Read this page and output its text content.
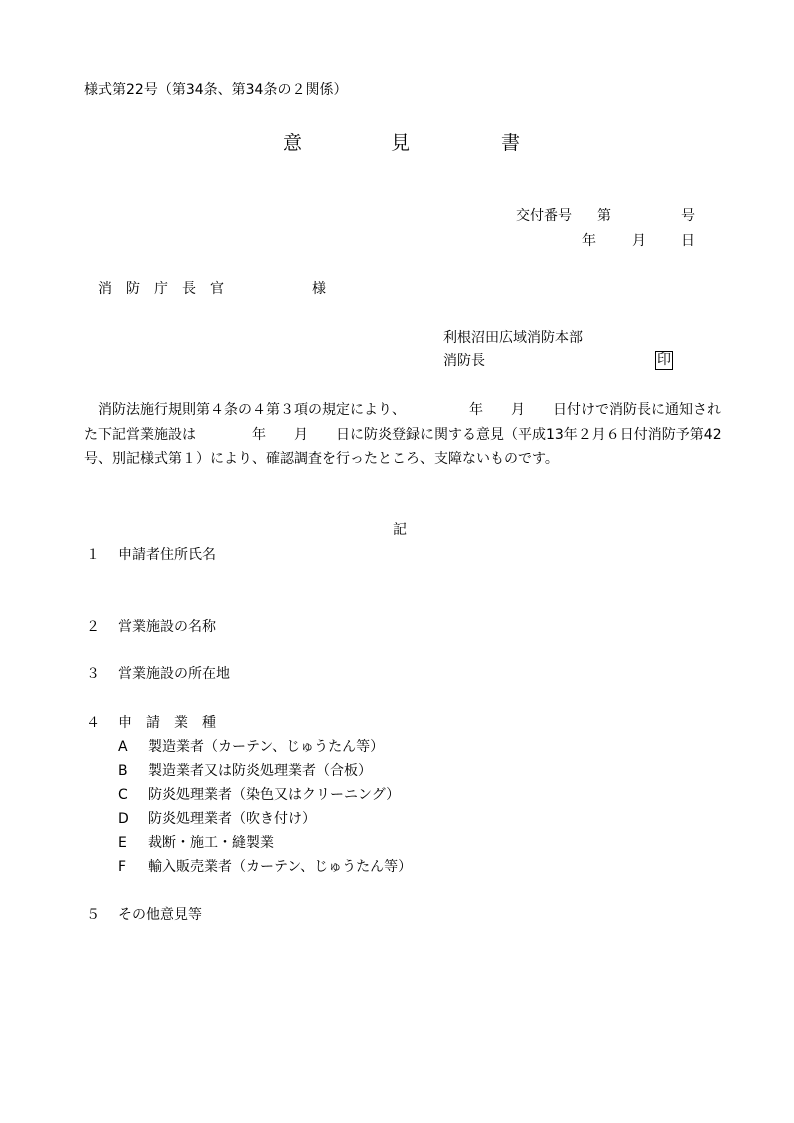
様式第22号（第34条、第34条の２関係）
意	見	書
交付番号 第	号
年	月	日
消　防　庁　長　官	様
利根沼田広域消防本部
消防長	印

消防法施行規則第４条の４第３項の規定により、　　　　　年　　月　　日付けで消防長に通知された下記営業施設は　　　　年　　月　　日に防炎登録に関する意見（平成13年２月６日付消防予第42号、別記様式第１）により、確認調査を行ったところ、支障ないものです。

記
１ 申請者住所氏名
２ 営業施設の名称
３ 営業施設の所在地
４ 申　請　業　種
A 製造業者（カーテン、じゅうたん等）
B 製造業者又は防炎処理業者（合板）
C 防炎処理業者（染色又はクリーニング）
D 防炎処理業者（吹き付け）
E 裁断・施工・縫製業
F 輸入販売業者（カーテン、じゅうたん等）
５ その他意見等
